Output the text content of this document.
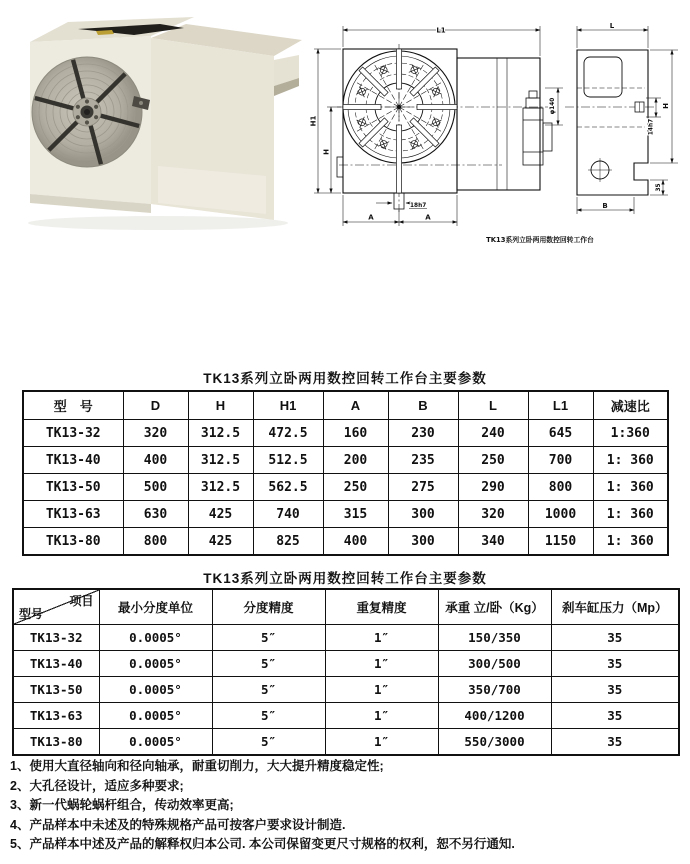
L1
H1
H
A	A
18h7
φ140
L
H
14h7
35
B
TK13系列立卧两用数控回转工作台
TK13系列立卧两用数控回转工作台主要参数
型　号	D	H	H1	A	B	L	L1	减速比
TK13-32	320	312.5	472.5	160	230	240	645	1:360
TK13-40	400	312.5	512.5	200	235	250	700	1: 360
TK13-50	500	312.5	562.5	250	275	290	800	1: 360
TK13-63	630	425	740	315	300	320	1000	1: 360
TK13-80	800	425	825	400	300	340	1150	1: 360
TK13系列立卧两用数控回转工作台主要参数
项目
型号	最小分度单位	分度精度	重复精度	承重 立/卧（Kg）	刹车缸压力（Mp）
TK13-32	0.0005°	5″	1″	150/350	35
TK13-40	0.0005°	5″	1″	300/500	35
TK13-50	0.0005°	5″	1″	350/700	35
TK13-63	0.0005°	5″	1″	400/1200	35
TK13-80	0.0005°	5″	1″	550/3000	35
1、使用大直径轴向和径向轴承，耐重切削力，大大提升精度稳定性;
2、大孔径设计，适应多种要求;
3、新一代蜗轮蜗杆组合，传动效率更高;
4、产品样本中未述及的特殊规格产品可按客户要求设计制造.
5、产品样本中述及产品的解释权归本公司. 本公司保留变更尺寸规格的权利，恕不另行通知.
